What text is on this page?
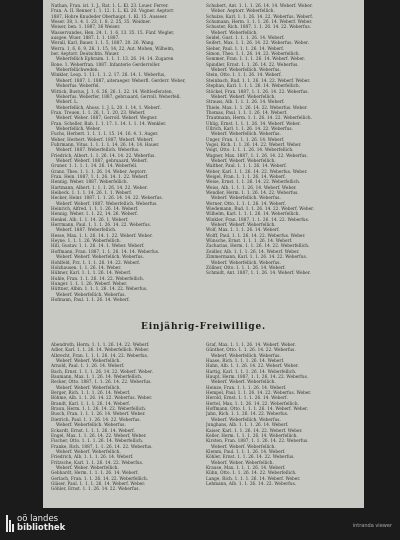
Nathan, Fran. ist. 1. J., Rat. 1. L. Kl. 23. Louer. Ferrer.
Fran. A. II. Renner 1. 1. 12. 1. L. Kl. 20. Vogner. Aeptorr.
1887, Hohre Knudeder Oberhaupt. 1. Kl. 15. Ausseer.
Weser. 38, 1. 4. 1. 23, 1. 8. 2. 25, 35. Weidner.
Weiser, ben. 1. 1887, 36 Weiser.
Wasservandes, Hen. 24. 1. 1. 6, 13. 35. 15. Fünf. Wegler,
ausgee. Wuer. 1887. 1. 1. 1887.
Werall, Karl, Bauer. 1. 1. 5, 1887. 20. 26. Wang.
Werra. 1, 6, 6, 9, 26. 1. 15, 14, 22, Aut. Mohen, Wilhelm,
ber. Aeptorr. Deutschtn. Wauer.
Weberfellich Ephraim. 1. 1. 1. 13. 26. 14. 14. Zugaren
Bone. 1. Weberfran. 1887. Infanterie Gerderroller.
Weberfellichweden.
Winkler, Leop. 1. 11. 1. 1. 2. 17. 26. 14. 1. Weberfus,
Weberf. 1887. 1. 1887, aiteraeger. Weberfl. Gerderr. Weber,
Weberfus. Weberfel.
Wittick, Bustus, J. 1. 6. 26, 26. 1. 22. 14. Weltlesferaten,
Weberfus. Weberfer, 1887, gebruaard, Gerroll. Weberfell.
Weberf. L.
Weberfellich, Ahoss. 1. J. L. 20. 1. 14, 1. Weberf.
Fran. Treuen, 1. 1. 26, 1. 1. 20, 23. Weberf.
Weberf. Weber. 1887, Gerroll. Weberf. Wegner.
Fran. Scheller, Bab. 1. 1. 17. 1. 14. 1. 1. 14. Wenkler.
Weberfellich. Weber.
Fuchs, Herbert. 1. 1. 1. 1. 15. 14. 16. 4. 1. Auger.
Weber, Herbert. Weberf. 1887, Weberf. Weberf.
Fuhrmann, Vitus. 1. 1. 1. 1. 14. 26. 14. 14. Hauer.
Weberf. 1887. Weberfellich. Weberfus.
Friedrich, Albert. 1. 1. 26. 14. 14. 22. Weberfus.
Weberf. Weberf. 1887, gebruaard, Weberf.
Gruner. 1. 1. 1. 1. 14. 26. 14. Weberfell.
Granz. Theo. 1. 1. 1. 26. 14. Weber. Aeptorr.
Fran. Hein. 1887, 1. 1. 26. 14. 1. 22. Weberf.
Hennig. Weber. 1887. Weberfellich.
Hartmann, Albert. 1. 1. 1. 26, 14. 22. Weber.
Heibeck. 1. 1. 1. 14. 26. 1. 1. Weberf.
Hecker, Heinr. 1887. 1. 1. 26. 14. 14. 22. Weberfus.
Weberf. Weberf. 1887. Weberfellich. Weberfus.
Heinrich, Alfred. 1. 1. 1. 26. 14. Weberf.
Hennig. Weber. 1. 1. 22, 14. 26. Weberf.
Henkel. Alb. 1. 1. 14. 26. 1. Weberf.
Herrmann, Paul. 1. 1. 1. 26. 14. 22. Weberfus.
Weberf. 1887. Weberfellich.
Hesse, Max. 1. 1. 26. 14. 1. 22. Weberf. Weber.
Heyne. 1. 1. 1. 26. Weberfellich.
Hill, Gustav. 1. 1. 26. 14. 1. Weber. Weberf.
Hoffmann, Fran. 1887, 1. 1. 26. 14. 14. Weberfus.
Weberf. Weberf. Weberfellich. Weberfus.
Hohlfeld, Frz. 1. 1. 1. 26. 14. 22. Weberf.
Holzhausen. 1. 1. 26. 14. Weber.
Hübner, Karl. 1. 1. 1. 26. 14. Weberf.
Huhle, Fran. 1. 1. 26. 14. 22. Weberfellich.
Hunger. 1. 1. 1. 26. Weberf. Weber.
Hüttner, Albin. 1. 1. 1. 26. 14. 22. Weberfus.
Weberf. Weberfellich. Weberfus.
Hofmann, Paul. 1. 1. 26. 14. Weberf.
Schubert, Ant. 1. 1. 1. 26. 14. 14. Weberf. Weber.
Weber. Aeptorr. Weberfellich.
Schulze, Karl. 1. 1. 26. 14. 22. Weberfus. Weberf.
Schumann, Herm. 1. 1. 1. 26. 14. Weberf. Weber.
Schuster, Rich. 1887, 1. 1. 26. 14. 22. Weberfus.
Weberf. Weberfellich.
Seidel, Gust. 1. 1. 1. 26. 14. Weberf.
Seifert, Max. 1. 1. 26. 14. 22. Weberfus. Weber.
Sieber, Paul. 1. 1. 1. 26. 14. Weberf.
Simon, Theo. 1. 1. 26. 14. 22. Weberfellich.
Sommer, Fran. 1. 1. 1. 26. 14. Weberf. Weber.
Spindler, Ernst. 1. 1. 26. 14. 22. Weberfus.
Weberf. Weberfellich. Weberfus.
Stein, Otto. 1. 1. 1. 26. 14. Weberf.
Steinbach, Rud. 1. 1. 26. 14. 22. Weberf. Weber.
Stephan, Karl. 1. 1. 1. 26. 14. Weberfellich.
Stöckel, Fran. 1887, 1. 1. 26. 14. 22. Weberfus.
Weberf. Weberf. Weberfellich.
Strauss, Alb. 1. 1. 1. 26. 14. Weberf.
Thiele, Max. 1. 1. 26. 14. 22. Weberfus. Weber.
Thomas, Paul. 1. 1. 1. 26. 14. Weberf.
Trautmann, Herm. 1. 1. 26. 14. 22. Weberfellich.
Uhlig, Ernst. 1. 1. 1. 26. 14. Weberf. Weber.
Ullrich, Karl. 1. 1. 26. 14. 22. Weberfus.
Weberf. Weberfellich. Weberfus.
Unger, Fran. 1. 1. 1. 26. 14. Weberf.
Vogel, Rich. 1. 1. 26. 14. 22. Weberf. Weber.
Voigt, Otto. 1. 1. 1. 26. 14. Weberfellich.
Wagner, Max. 1887, 1. 1. 26. 14. 22. Weberfus.
Weberf. Weberf. Weberfellich.
Walther, Paul. 1. 1. 1. 26. 14. Weberf.
Weber, Karl. 1. 1. 26. 14. 22. Weberfus. Weber.
Weigel, Fran. 1. 1. 1. 26. 14. Weberf.
Weise, Ernst. 1. 1. 26. 14. 22. Weberfellich.
Weiss, Alb. 1. 1. 1. 26. 14. Weberf. Weber.
Wendler, Herm. 1. 1. 26. 14. 22. Weberfus.
Weberf. Weberfellich. Weberfus.
Werner, Otto. 1. 1. 1. 26. 14. Weberf.
Wiedemann, Rud. 1. 1. 26. 14. 22. Weberf. Weber.
Wilhelm, Karl. 1. 1. 1. 26. 14. Weberfellich.
Winkler, Fran. 1887, 1. 1. 26. 14. 22. Weberfus.
Weberf. Weberf. Weberfellich.
Wolf, Max. 1. 1. 1. 26. 14. Weberf.
Wolff, Paul. 1. 1. 26. 14. 22. Weberfus. Weber.
Wünsche, Ernst. 1. 1. 1. 26. 14. Weberf.
Zacharias, Herm. 1. 1. 26. 14. 22. Weberfellich.
Zeidler, Alb. 1. 1. 1. 26. 14. Weberf. Weber.
Zimmermann, Karl. 1. 1. 26. 14. 22. Weberfus.
Weberf. Weberfellich. Weberfus.
Zöllner, Otto. 1. 1. 1. 26. 14. Weberf.
Schmidt, Ant. 1887, 1. 1. 26. 14. Weberf. Weber.
Einjährig-Freiwillige.
Abendroth, Herm. 1. 1. 1. 26. 14. 22. Weberf.
Adler, Karl. 1. 1. 26. 14. Weberfellich. Weber.
Albrecht, Fran. 1. 1. 1. 26. 14. 22. Weberfus.
Weberf. Weberf. Weberfellich.
Arnold, Paul. 1. 1. 26. 14. Weberf.
Bach, Ernst. 1. 1. 1. 26. 14. 22. Weberf. Weber.
Baumann, Max. 1. 1. 26. 14. Weberfellich.
Becker, Otto. 1887, 1. 1. 26. 14. 22. Weberfus.
Weberf. Weberf. Weberfellich.
Berger, Rich. 1. 1. 1. 26. 14. Weberf.
Böhme, Alb. 1. 1. 26. 14. 22. Weberfus. Weber.
Brandt, Karl. 1. 1. 1. 26. 14. Weberf.
Braun, Herm. 1. 1. 26. 14. 22. Weberfellich.
Busch, Fran. 1. 1. 1. 26. 14. Weberf. Weber.
Dietrich, Paul. 1. 1. 26. 14. 22. Weberfus.
Weberf. Weberfellich. Weberfus.
Eckardt, Ernst. 1. 1. 1. 26. 14. Weberf.
Engel, Max. 1. 1. 26. 14. 22. Weberf. Weber.
Fischer, Otto. 1. 1. 1. 26. 14. Weberfellich.
Franke, Rich. 1887, 1. 1. 26. 14. 22. Weberfus.
Weberf. Weberf. Weberfellich.
Friedrich, Alb. 1. 1. 1. 26. 14. Weberf.
Fritzsche, Karl. 1. 1. 26. 14. 22. Weberfus.
Weberf. Weber. Weberfellich.
Gebhardt, Herm. 1. 1. 1. 26. 14. Weberf.
Gerlach, Fran. 1. 1. 26. 14. 22. Weberfellich.
Gläser, Paul. 1. 1. 1. 26. 14. Weberf. Weber.
Göhler, Ernst. 1. 1. 26. 14. 22. Weberfus.
Graf, Max. 1. 1. 1. 26. 14. Weberf. Weber.
Günther, Otto. 1. 1. 26. 14. 22. Weberfus.
Weberf. Weberfellich. Weberfus.
Haase, Rich. 1. 1. 1. 26. 14. Weberf.
Hahn, Alb. 1. 1. 26. 14. 22. Weberf. Weber.
Hartig, Karl. 1. 1. 1. 26. 14. Weberfellich.
Haupt, Herm. 1887, 1. 1. 26. 14. 22. Weberfus.
Weberf. Weberf. Weberfellich.
Heinze, Fran. 1. 1. 1. 26. 14. Weberf.
Hempel, Paul. 1. 1. 26. 14. 22. Weberfus. Weber.
Herold, Ernst. 1. 1. 1. 26. 14. Weberf.
Hertel, Max. 1. 1. 26. 14. 22. Weberfellich.
Hoffmann, Otto. 1. 1. 1. 26. 14. Weberf. Weber.
Jahn, Rich. 1. 1. 26. 14. 22. Weberfus.
Weberf. Weberfellich. Weberfus.
Junghans, Alb. 1. 1. 1. 26. 14. Weberf.
Kaiser, Karl. 1. 1. 26. 14. 22. Weberf. Weber.
Keller, Herm. 1. 1. 1. 26. 14. Weberfellich.
Kirsten, Fran. 1887, 1. 1. 26. 14. 22. Weberfus.
Weberf. Weberf. Weberfellich.
Klemm, Paul. 1. 1. 1. 26. 14. Weberf.
Köhler, Ernst. 1. 1. 26. 14. 22. Weberfus.
Weberf. Weber. Weberfellich.
Krause, Max. 1. 1. 1. 26. 14. Weberf.
Kühn, Otto. 1. 1. 26. 14. 22. Weberfellich.
Lange, Rich. 1. 1. 1. 26. 14. Weberf. Weber.
Lehmann, Alb. 1. 1. 26. 14. 22. Weberfus.
oö landes
bibliothek	intranda viewer
